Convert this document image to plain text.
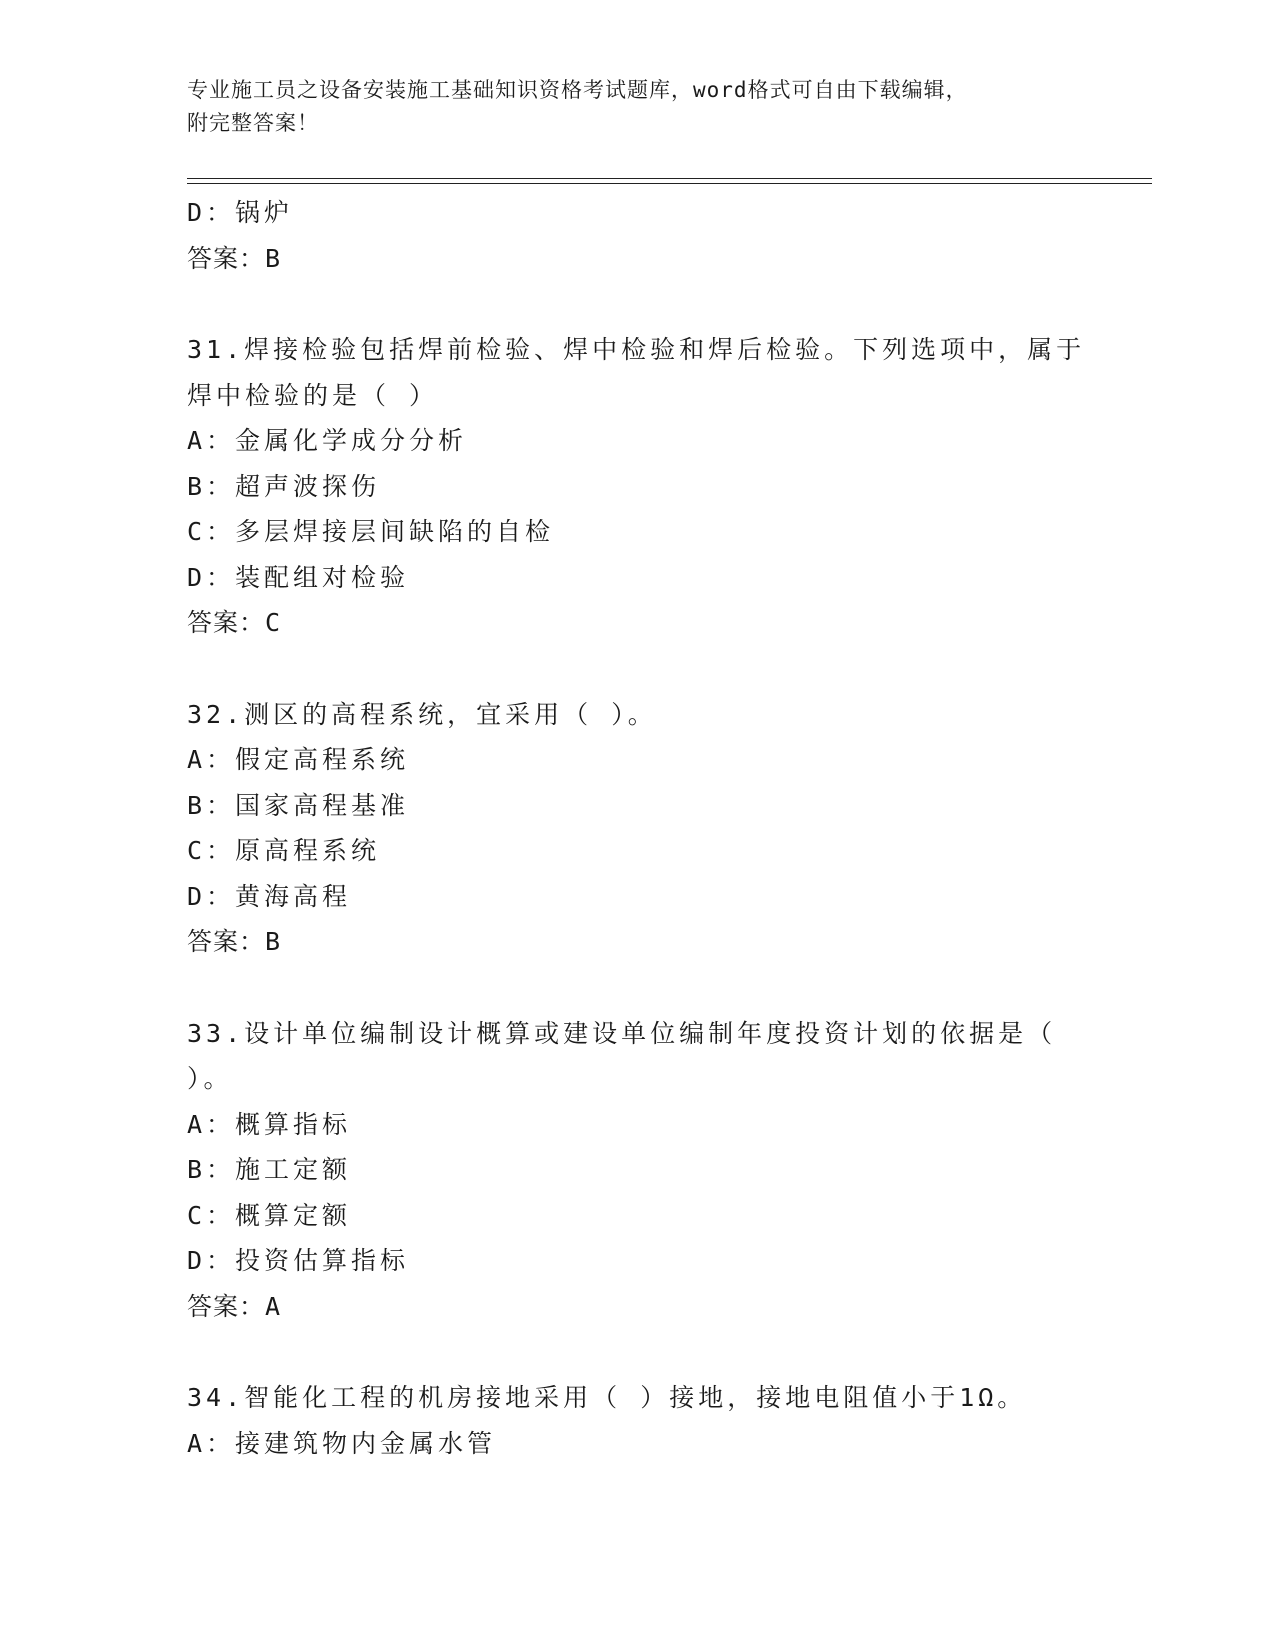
专业施工员之设备安装施工基础知识资格考试题库，word格式可自由下载编辑，
附完整答案！
D：锅炉
答案：B
31.焊接检验包括焊前检验、焊中检验和焊后检验。下列选项中，属于
焊中检验的是（ ）
A：金属化学成分分析
B：超声波探伤
C：多层焊接层间缺陷的自检
D：装配组对检验
答案：C
32.测区的高程系统，宜采用（ ）。
A：假定高程系统
B：国家高程基准
C：原高程系统
D：黄海高程
答案：B
33.设计单位编制设计概算或建设单位编制年度投资计划的依据是（
）。
A：概算指标
B：施工定额
C：概算定额
D：投资估算指标
答案：A
34.智能化工程的机房接地采用（ ）接地，接地电阻值小于1Ω。
A：接建筑物内金属水管
